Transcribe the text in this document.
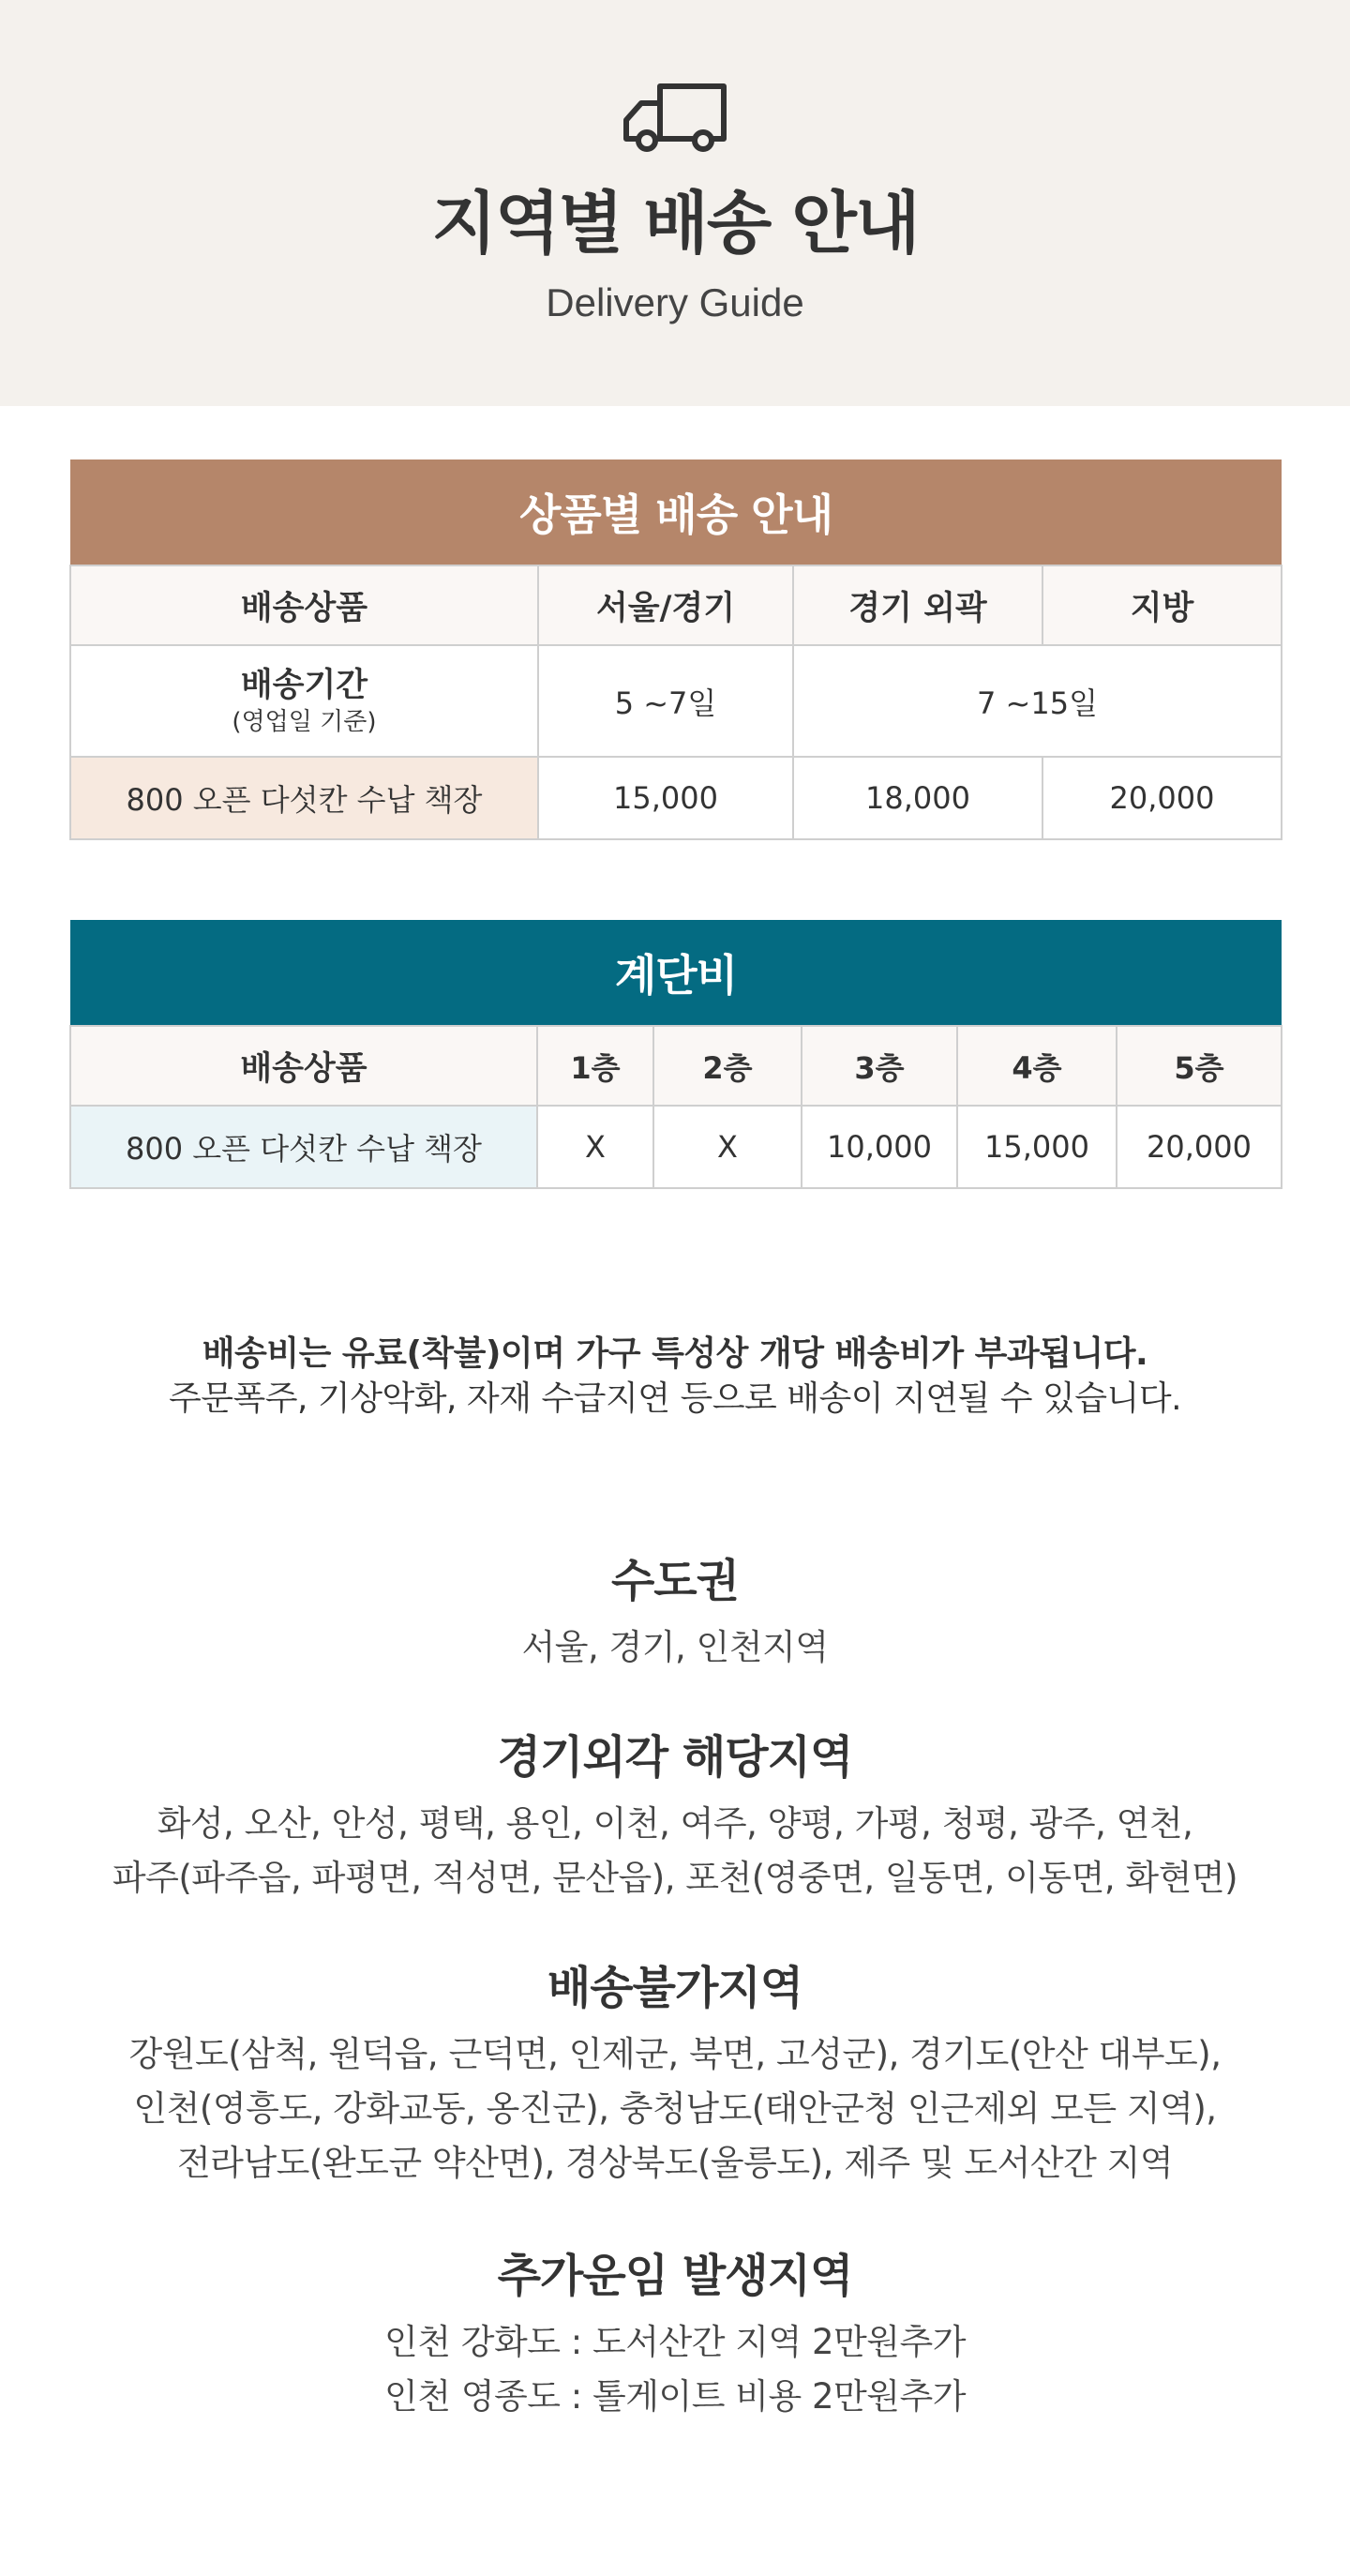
지역별 배송 안내
Delivery Guide
상품별 배송 안내			
배송상품	서울/경기	경기 외곽	지방

배송기간
(영업일 기준)	5 ~7일	7 ~15일	
800 오픈 다섯칸 수납 책장	15,000	18,000	20,000
계단비					
배송상품	1층	2층	3층	4층	5층
800 오픈 다섯칸 수납 책장	X	X	10,000	15,000	20,000
배송비는 유료(착불)이며 가구 특성상 개당 배송비가 부과됩니다.
주문폭주, 기상악화, 자재 수급지연 등으로 배송이 지연될 수 있습니다.
수도권
서울, 경기, 인천지역
경기외각 해당지역
화성, 오산, 안성, 평택, 용인, 이천, 여주, 양평, 가평, 청평, 광주, 연천,
파주(파주읍, 파평면, 적성면, 문산읍), 포천(영중면, 일동면, 이동면, 화현면)
배송불가지역
강원도(삼척, 원덕읍, 근덕면, 인제군, 북면, 고성군), 경기도(안산 대부도),
인천(영흥도, 강화교동, 옹진군), 충청남도(태안군청 인근제외 모든 지역),
전라남도(완도군 약산면), 경상북도(울릉도), 제주 및 도서산간 지역
추가운임 발생지역
인천 강화도 : 도서산간 지역 2만원추가
인천 영종도 : 톨게이트 비용 2만원추가
